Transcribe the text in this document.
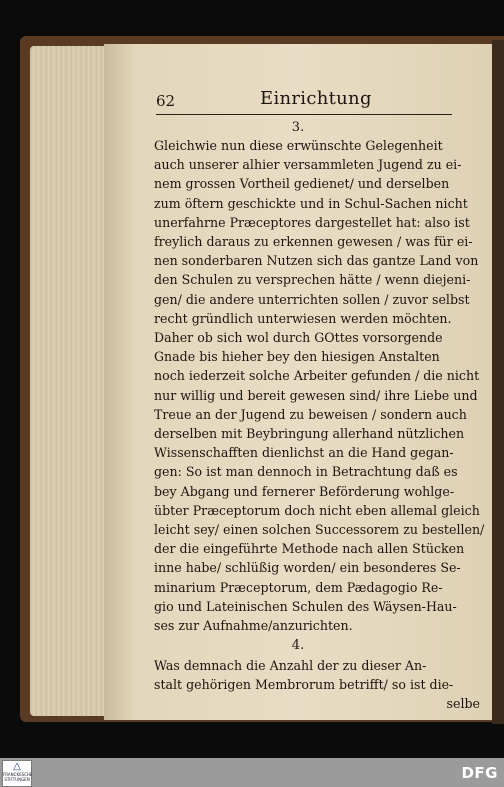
62	Einrichtung
3.
Gleichwie nun diese erwünschte Gelegenheit
auch unserer alhier versammleten Jugend zu ei-
nem grossen Vortheil gedienet/ und derselben
zum öftern geschickte und in Schul-Sachen nicht
unerfahrne Præceptores dargestellet hat: also ist
freylich daraus zu erkennen gewesen / was für ei-
nen sonderbaren Nutzen sich das gantze Land von
den Schulen zu versprechen hätte / wenn diejeni-
gen/ die andere unterrichten sollen / zuvor selbst
recht gründlich unterwiesen werden möchten.
Daher ob sich wol durch GOttes vorsorgende
Gnade bis hieher bey den hiesigen Anstalten
noch iederzeit solche Arbeiter gefunden / die nicht
nur willig und bereit gewesen sind/ ihre Liebe und
Treue an der Jugend zu beweisen / sondern auch
derselben mit Beybringung allerhand nützlichen
Wissenschafften dienlichst an die Hand gegan-
gen: So ist man dennoch in Betrachtung daß es
bey Abgang und fernerer Beförderung wohlge-
übter Præceptorum doch nicht eben allemal gleich
leicht sey/ einen solchen Successorem zu bestellen/
der die eingeführte Methode nach allen Stücken
inne habe/ schlüßig worden/ ein besonderes Se-
minarium Præceptorum, dem Pædagogio Re-
gio und Lateinischen Schulen des Wäysen-Hau-
ses zur Aufnahme/anzurichten.
4.
Was demnach die Anzahl der zu dieser An-
stalt gehörigen Membrorum betrifft/ so ist die-
selbe
△
FRANCKESCHE STIFTUNGEN	DFG
